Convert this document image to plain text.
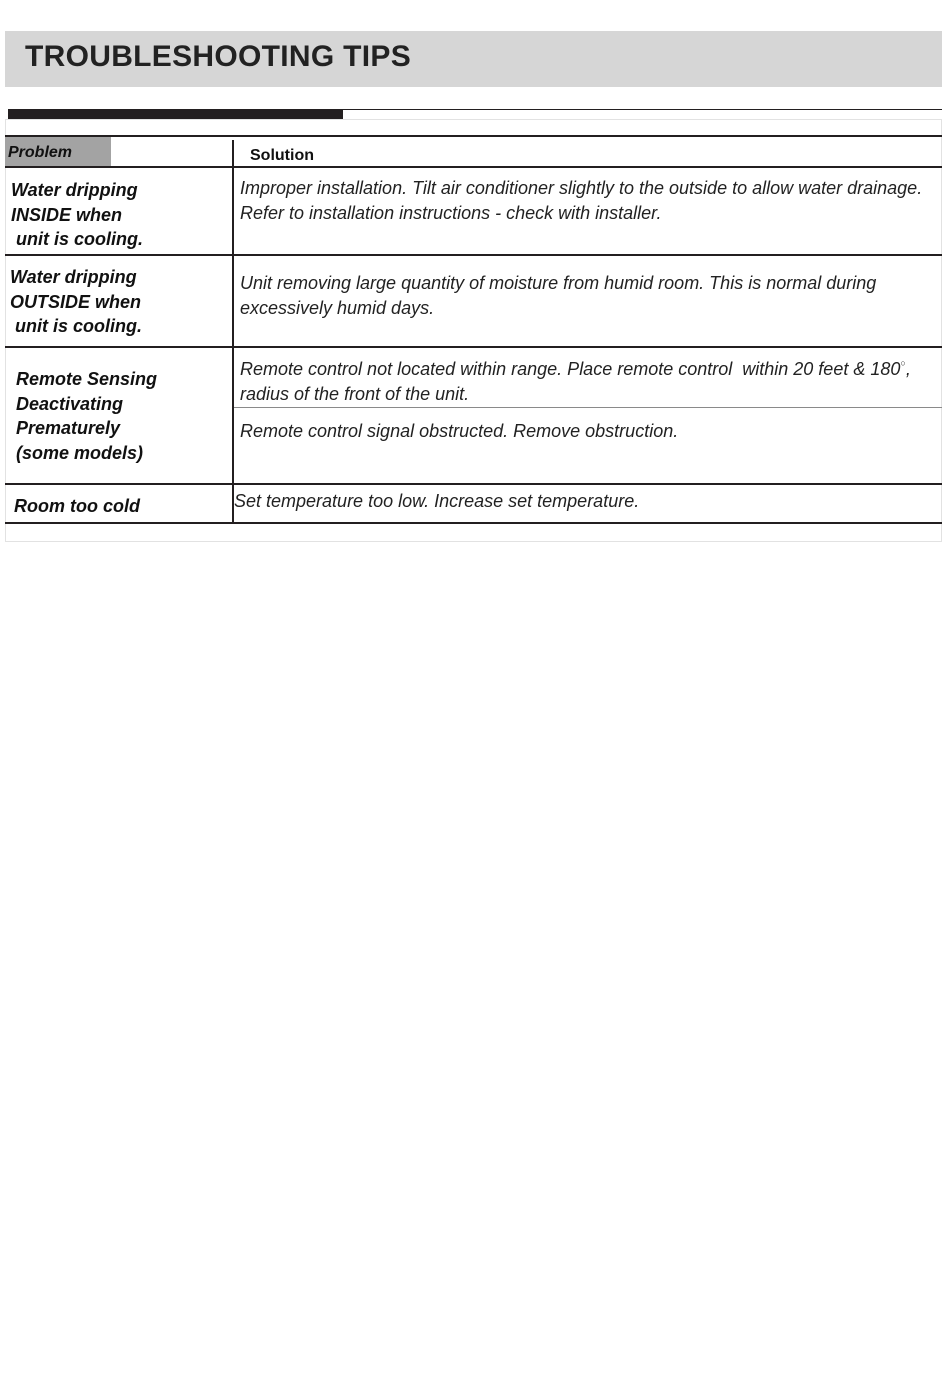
TROUBLESHOOTING TIPS
Problem	Solution
Water dripping
INSIDE when
unit is cooling.
Improper installation. Tilt air conditioner slightly to the outside to allow water drainage.
Refer to installation instructions - check with installer.
Water dripping
OUTSIDE when
unit is cooling.
Unit removing large quantity of moisture from humid room. This is normal during
excessively humid days.
Remote Sensing
Deactivating
Prematurely
(some models)
Remote control not located within range. Place remote control  within 20 feet & 180○,
radius of the front of the unit.
Remote control signal obstructed. Remove obstruction.
Room too cold	Set temperature too low. Increase set temperature.
